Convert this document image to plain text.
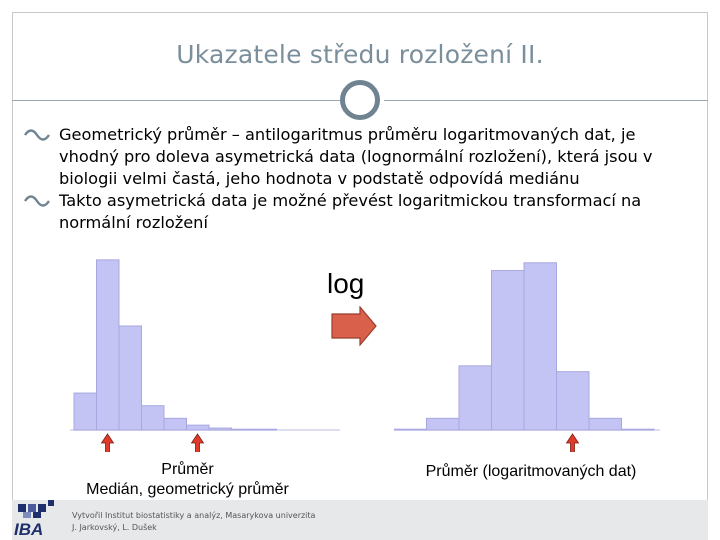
Ukazatele středu rozložení II.
Geometrický průměr – antilogaritmus průměru logaritmovaných dat, je vhodný pro doleva asymetrická data (lognormální rozložení), která jsou v biologii velmi častá, jeho hodnota v podstatě odpovídá mediánu
Takto asymetrická data je možné převést logaritmickou transformací na normální rozložení
log
Průměr
Medián, geometrický průměr
Průměr (logaritmovaných dat)
IBA
Vytvořil Institut biostatistiky a analýz, Masarykova univerzita
J. Jarkovský, L. Dušek
